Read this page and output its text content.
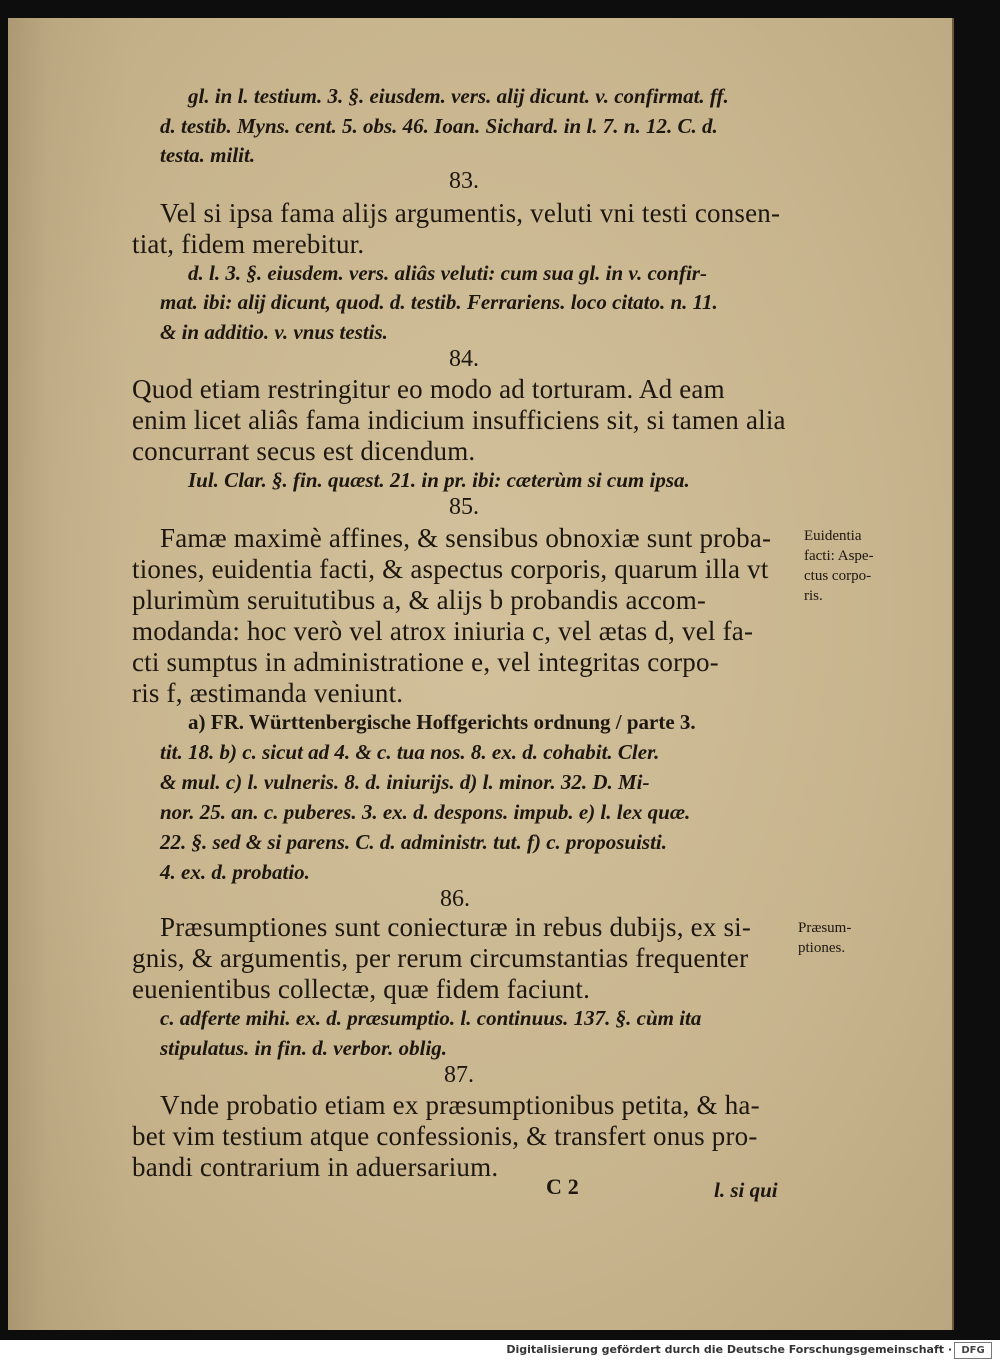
gl. in l. testium. 3. §. eiusdem. vers. alij dicunt. v. confirmat. ff.
d. testib. Myns. cent. 5. obs. 46. Ioan. Sichard. in l. 7. n. 12. C. d.
testa. milit.
83.
Vel si ipsa fama alijs argumentis, veluti vni testi consen-
tiat, fidem merebitur.
d. l. 3. §. eiusdem. vers. aliâs veluti: cum sua gl. in v. confir-
mat. ibi: alij dicunt, quod. d. testib. Ferrariens. loco citato. n. 11.
& in additio. v. vnus testis.
84.
Quod etiam restringitur eo modo ad torturam. Ad eam
enim licet aliâs fama indicium insufficiens sit, si tamen alia
concurrant secus est dicendum.
Iul. Clar. §. fin. quæst. 21. in pr. ibi: cæterùm si cum ipsa.
85.
Famæ maximè affines, & sensibus obnoxiæ sunt proba-
tiones, euidentia facti, & aspectus corporis, quarum illa vt
plurimùm seruitutibus a, & alijs b probandis accom-
modanda: hoc verò vel atrox iniuria c, vel ætas d, vel fa-
cti sumptus in administratione e, vel integritas corpo-
ris f, æstimanda veniunt.
a) FR. Württenbergische Hoffgerichts ordnung / parte 3.
tit. 18. b) c. sicut ad 4. & c. tua nos. 8. ex. d. cohabit. Cler.
& mul. c) l. vulneris. 8. d. iniurijs. d) l. minor. 32. D. Mi-
nor. 25. an. c. puberes. 3. ex. d. despons. impub. e) l. lex quæ.
22. §. sed & si parens. C. d. administr. tut. f) c. proposuisti.
4. ex. d. probatio.
86.
Præsumptiones sunt coniecturæ in rebus dubijs, ex si-
gnis, & argumentis, per rerum circumstantias frequenter
euenientibus collectæ, quæ fidem faciunt.
c. adferte mihi. ex. d. præsumptio. l. continuus. 137. §. cùm ita
stipulatus. in fin. d. verbor. oblig.
87.
Vnde probatio etiam ex præsumptionibus petita, & ha-
bet vim testium atque confessionis, & transfert onus pro-
bandi contrarium in aduersarium.
C 2	l. si qui
Euidentia
facti: Aspe-
ctus corpo-
ris.
Præsum-
ptiones.
Digitalisierung gefördert durch die Deutsche Forschungsgemeinschaft · DFG
